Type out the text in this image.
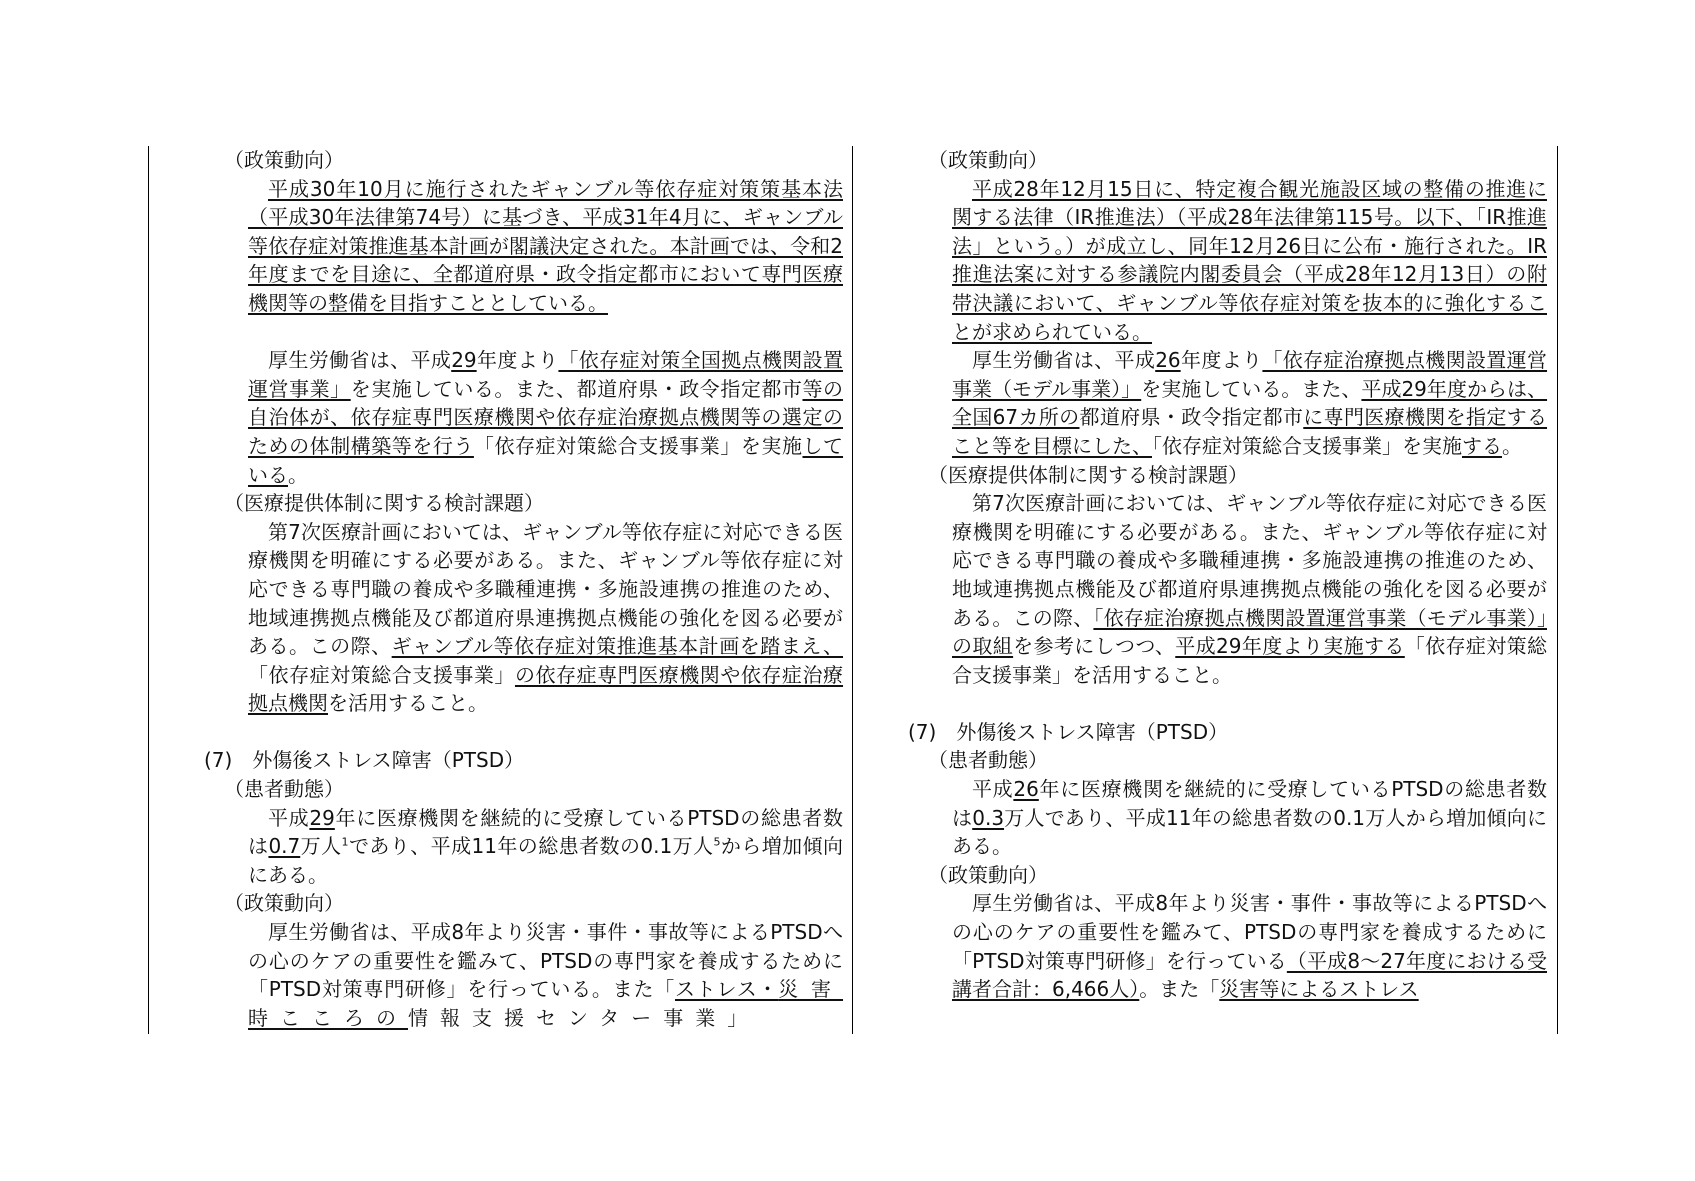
（政策動向）

平成30年10月に施行されたギャンブル等依存症対策策基本法（平成30年法律第74号）に基づき、平成31年4月に、ギャンブル等依存症対策推進基本計画が閣議決定された。本計画では、令和2年度までを目途に、全都道府県・政令指定都市において専門医療機関等の整備を目指すこととしている。

厚生労働省は、平成29年度より「依存症対策全国拠点機関設置運営事業」を実施している。また、都道府県・政令指定都市等の自治体が、依存症専門医療機関や依存症治療拠点機関等の選定のための体制構築等を行う「依存症対策総合支援事業」を実施している。

（医療提供体制に関する検討課題）

第7次医療計画においては、ギャンブル等依存症に対応できる医療機関を明確にする必要がある。また、ギャンブル等依存症に対応できる専門職の養成や多職種連携・多施設連携の推進のため、地域連携拠点機能及び都道府県連携拠点機能の強化を図る必要がある。この際、ギャンブル等依存症対策推進基本計画を踏まえ、「依存症対策総合支援事業」の依存症専門医療機関や依存症治療拠点機関を活用すること。

(7)　外傷後ストレス障害（PTSD）
（患者動態）

平成29年に医療機関を継続的に受療しているPTSDの総患者数は0.7万人$^1$であり、平成11年の総患者数の0.1万人$^5$から増加傾向にある。

（政策動向）

厚生労働省は、平成8年より災害・事件・事故等によるPTSDへの心のケアの重要性を鑑みて、PTSDの専門家を養成するために「PTSD対策専門研修」を行っている。また「ストレス・災害時こころの情報支援センター事業」

（政策動向）

平成28年12月15日に、特定複合観光施設区域の整備の推進に関する法律（IR推進法）（平成28年法律第115号。以下、「IR推進法」という。）が成立し、同年12月26日に公布・施行された。IR推進法案に対する参議院内閣委員会（平成28年12月13日）の附帯決議において、ギャンブル等依存症対策を抜本的に強化することが求められている。

厚生労働省は、平成26年度より「依存症治療拠点機関設置運営事業（モデル事業）」を実施している。また、平成29年度からは、全国67カ所の都道府県・政令指定都市に専門医療機関を指定すること等を目標にした、「依存症対策総合支援事業」を実施する。

（医療提供体制に関する検討課題）

第7次医療計画においては、ギャンブル等依存症に対応できる医療機関を明確にする必要がある。また、ギャンブル等依存症に対応できる専門職の養成や多職種連携・多施設連携の推進のため、地域連携拠点機能及び都道府県連携拠点機能の強化を図る必要がある。この際、「依存症治療拠点機関設置運営事業（モデル事業）」の取組を参考にしつつ、平成29年度より実施する「依存症対策総合支援事業」を活用すること。

(7)　外傷後ストレス障害（PTSD）
（患者動態）

平成26年に医療機関を継続的に受療しているPTSDの総患者数は0.3万人であり、平成11年の総患者数の0.1万人から増加傾向にある。

（政策動向）

厚生労働省は、平成8年より災害・事件・事故等によるPTSDへの心のケアの重要性を鑑みて、PTSDの専門家を養成するために「PTSD対策専門研修」を行っている（平成8～27年度における受講者合計：6,466人）。また「災害等によるストレス
